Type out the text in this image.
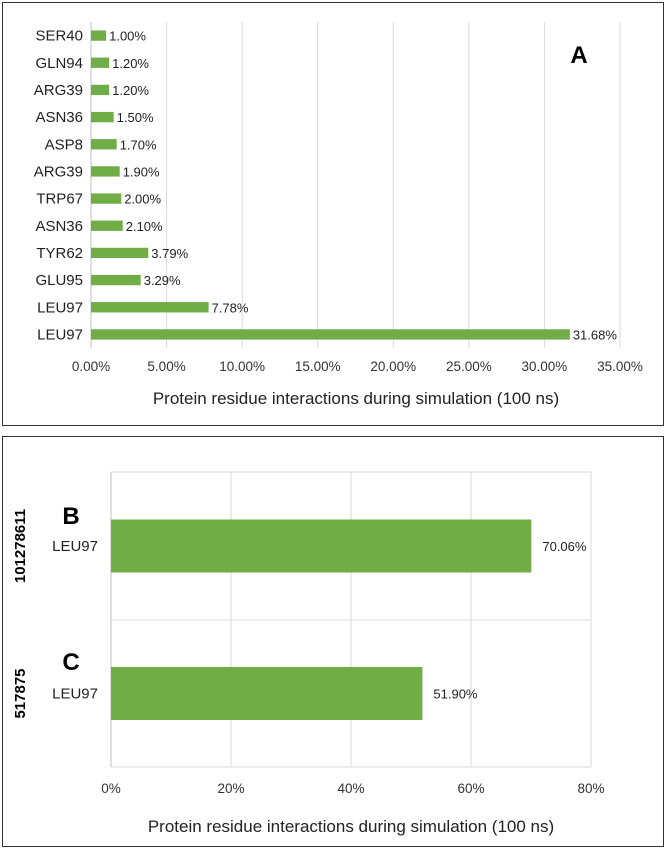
0.00%	5.00% 10.00% 15.00% 20.00% 25.00% 30.00% 35.00%
LEU97	31.68%
LEU97	7.78%
GLU95	3.29%
TYR62	3.79%
ASN36	2.10%
TRP67	2.00%
ARG39	1.90%
ASP8	1.70%
ASN36	1.50%
ARG39 1.20%
GLN94 1.20%
SER40 1.00%
A
Protein residue interactions during simulation (100 ns)
0%	20%	40%	60%	80%
LEU97	70.06%
101278611 B
LEU97	51.90%
517875
C
Protein residue interactions during simulation (100 ns)
